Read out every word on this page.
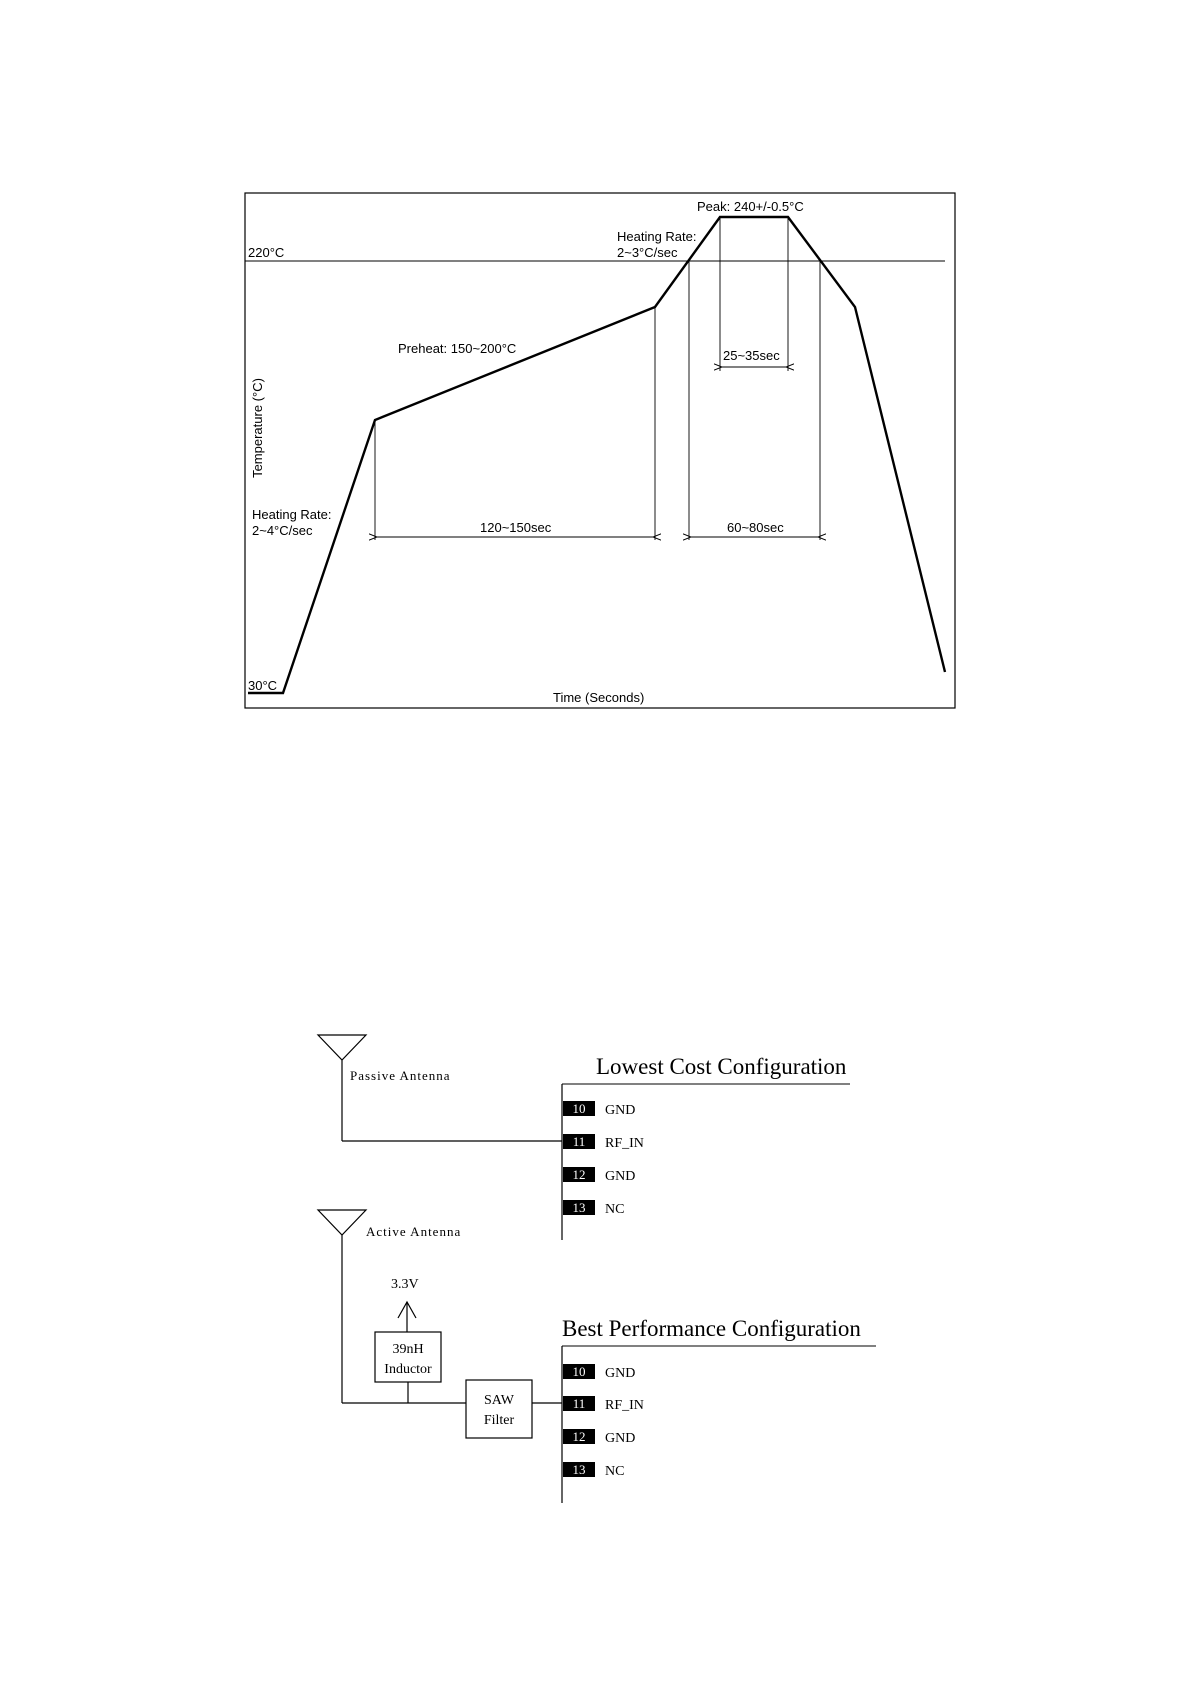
220°C
30°C
Time (Seconds)
Temperature (°C)
Peak: 240+/-0.5°C
Heating Rate:
2~3°C/sec
Heating Rate:
2~4°C/sec
Preheat: 150~200°C
120~150sec
25~35sec
60~80sec
Passive Antenna	Lowest Cost Configuration
10 GND
11 RF_IN
12 GND
13 NC
Active Antenna
3.3V
39nH
Inductor
SAW
Filter
Best Performance Configuration
10 GND
11 RF_IN
12 GND
13 NC
